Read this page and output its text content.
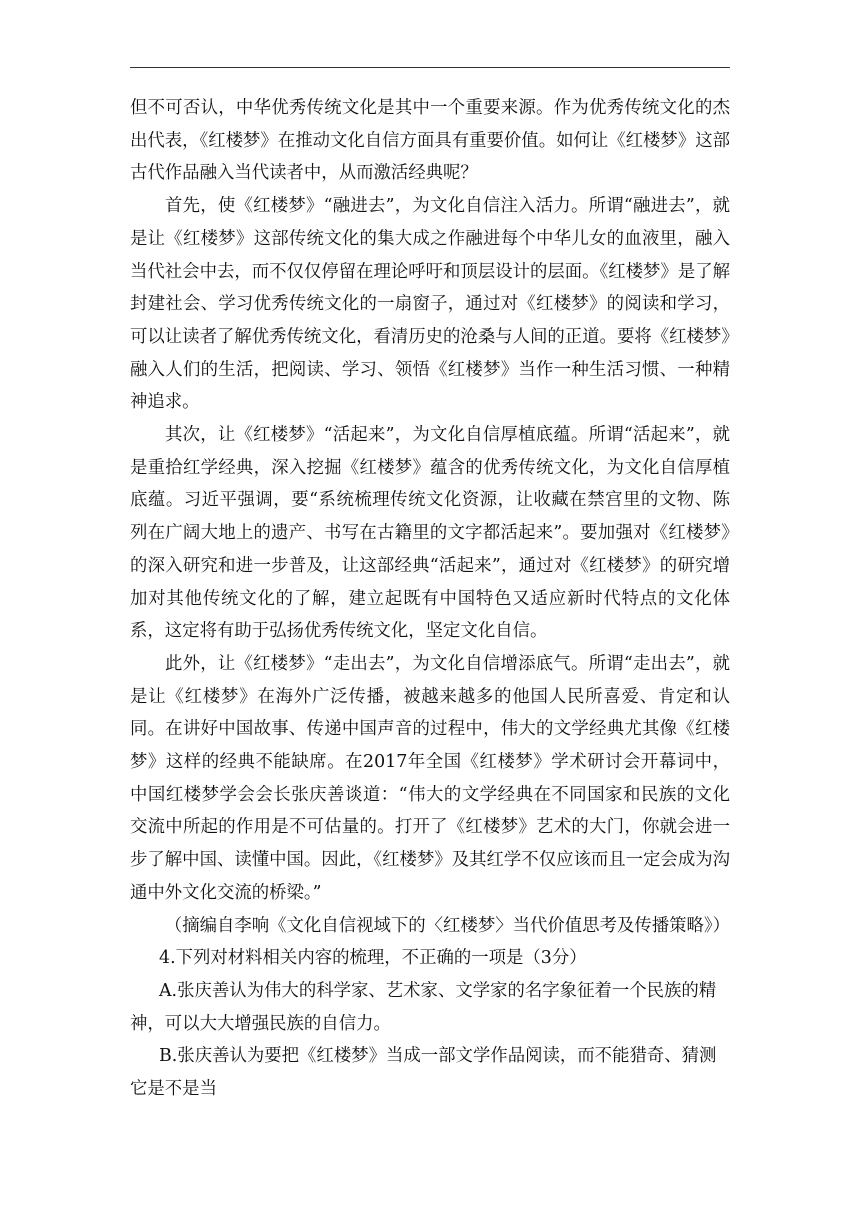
但不可否认，中华优秀传统文化是其中一个重要来源。作为优秀传统文化的杰出代表，《红楼梦》在推动文化自信方面具有重要价值。如何让《红楼梦》这部古代作品融入当代读者中，从而激活经典呢？

首先，使《红楼梦》“融进去”，为文化自信注入活力。所谓“融进去”，就是让《红楼梦》这部传统文化的集大成之作融进每个中华儿女的血液里，融入当代社会中去，而不仅仅停留在理论呼吁和顶层设计的层面。《红楼梦》是了解封建社会、学习优秀传统文化的一扇窗子，通过对《红楼梦》的阅读和学习，可以让读者了解优秀传统文化，看清历史的沧桑与人间的正道。要将《红楼梦》融入人们的生活，把阅读、学习、领悟《红楼梦》当作一种生活习惯、一种精神追求。

其次，让《红楼梦》“活起来”，为文化自信厚植底蕴。所谓“活起来”，就是重拾红学经典，深入挖掘《红楼梦》蕴含的优秀传统文化，为文化自信厚植底蕴。习近平强调，要“系统梳理传统文化资源，让收藏在禁宫里的文物、陈列在广阔大地上的遗产、书写在古籍里的文字都活起来”。要加强对《红楼梦》的深入研究和进一步普及，让这部经典“活起来”，通过对《红楼梦》的研究增加对其他传统文化的了解，建立起既有中国特色又适应新时代特点的文化体系，这定将有助于弘扬优秀传统文化，坚定文化自信。

此外，让《红楼梦》“走出去”，为文化自信增添底气。所谓“走出去”，就是让《红楼梦》在海外广泛传播，被越来越多的他国人民所喜爱、肯定和认同。在讲好中国故事、传递中国声音的过程中，伟大的文学经典尤其像《红楼梦》这样的经典不能缺席。在2017年全国《红楼梦》学术研讨会开幕词中，中国红楼梦学会会长张庆善谈道：“伟大的文学经典在不同国家和民族的文化交流中所起的作用是不可估量的。打开了《红楼梦》艺术的大门，你就会进一步了解中国、读懂中国。因此，《红楼梦》及其红学不仅应该而且一定会成为沟通中外文化交流的桥梁。”

（摘编自李响《文化自信视域下的〈红楼梦〉当代价值思考及传播策略》）

4.下列对材料相关内容的梳理，不正确的一项是（3分）

A.张庆善认为伟大的科学家、艺术家、文学家的名字象征着一个民族的精神，可以大大增强民族的自信力。

B.张庆善认为要把《红楼梦》当成一部文学作品阅读，而不能猎奇、猜测它是不是当
